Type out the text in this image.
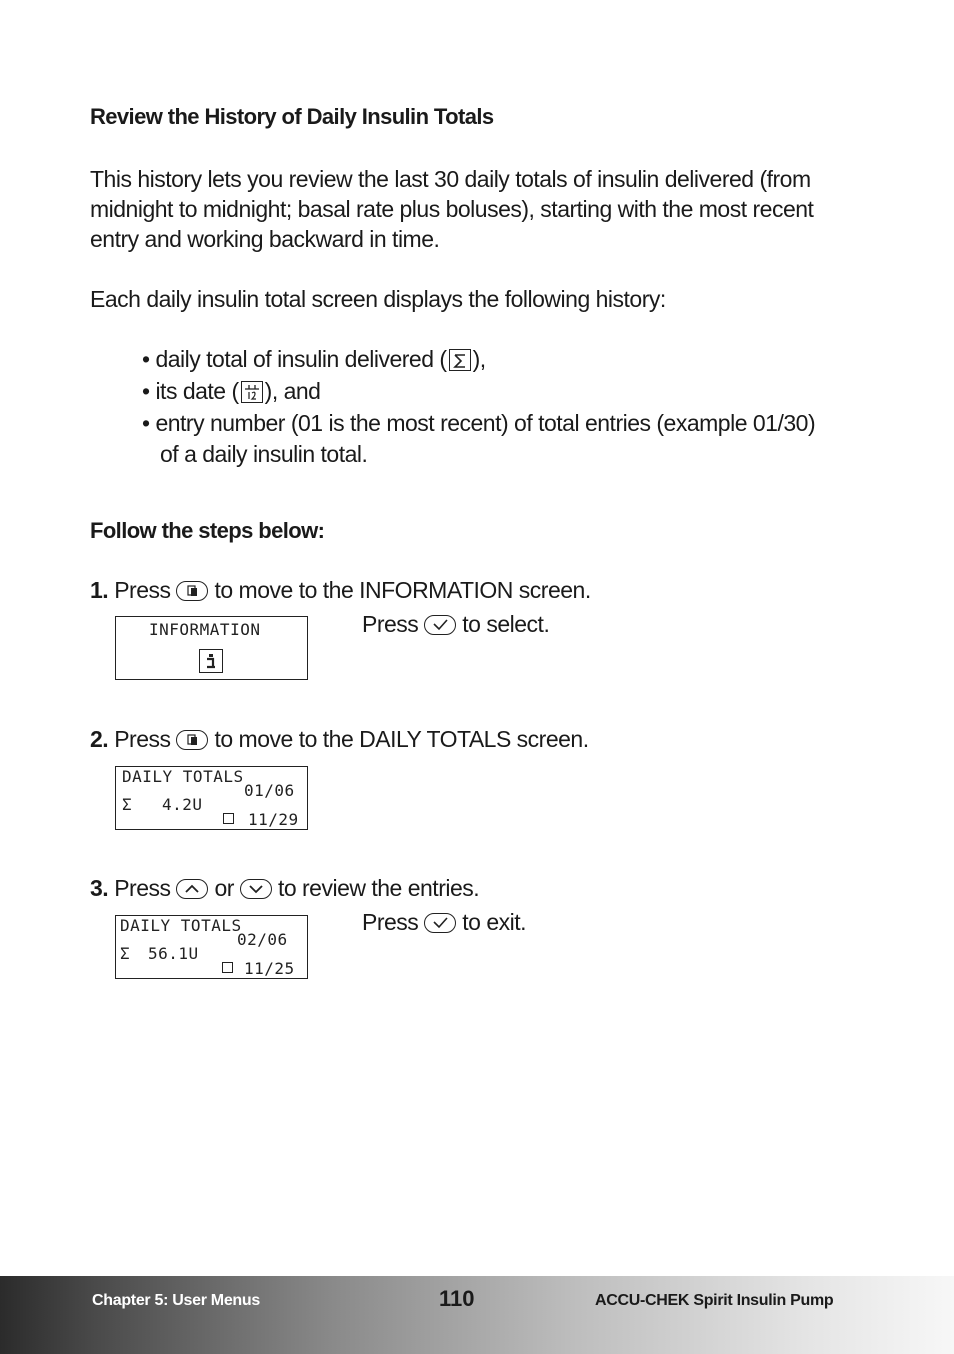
Review the History of Daily Insulin Totals
This history lets you review the last 30 daily totals of insulin delivered (from midnight to midnight; basal rate plus boluses), starting with the most recent entry and working backward in time.
Each daily insulin total screen displays the following history:
• daily total of insulin delivered ( ),
• its date ( ), and
• entry number (01 is the most recent) of total entries (example 01/30)
of a daily insulin total.
Follow the steps below:
1. Press to move to the INFORMATION screen.
Press to select.
INFORMATION
2. Press to move to the DAILY TOTALS screen.
DAILY TOTALS
01/06
Σ 4.2U
11/29
3. Press or to review the entries.
Press to exit.
DAILY TOTALS
02/06
Σ 56.1U
11/25
Chapter 5: User Menus	110	ACCU-CHEK Spirit Insulin Pump
